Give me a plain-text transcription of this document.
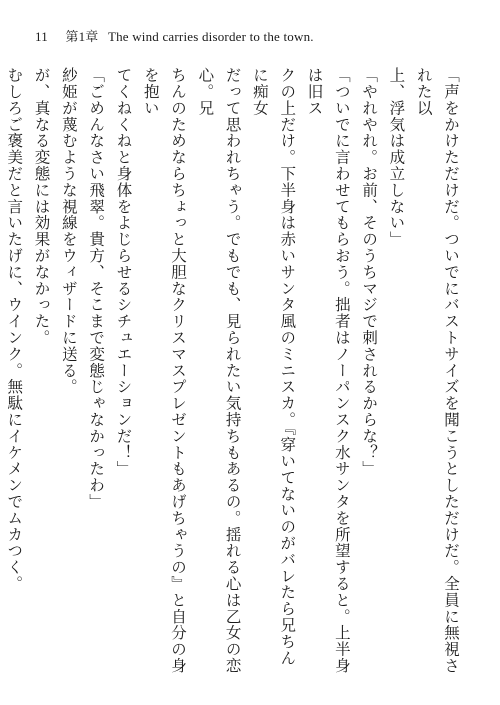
11 第1章 The wind carries disorder to the town.

「声をかけただけだ。ついでにバストサイズを聞こうとしただけだ。全員に無視された以

上、浮気は成立しない」

「やれやれ。お前、そのうちマジで刺されるからな？」

「ついでに言わせてもらおう。拙者はノーパンスク水サンタを所望すると。上半身は旧ス

クの上だけ。下半身は赤いサンタ風のミニスカ。『穿いてないのがバレたら兄ちんに痴女

だって思われちゃう。でもでも、見られたい気持ちもあるの。揺れる心は乙女の恋心。兄

ちんのためならちょっと大胆なクリスマスプレゼントもあげちゃうの』と自分の身を抱い

てくねくねと身体をよじらせるシチュエーションだ！」

「ごめんなさい飛翠。貴方、そこまで変態じゃなかったわ」

紗姫が蔑むような視線をウィザードに送る。

が、真なる変態には効果がなかった。

むしろご褒美だと言いたげに、ウインク。無駄にイケメンでムカつく。
